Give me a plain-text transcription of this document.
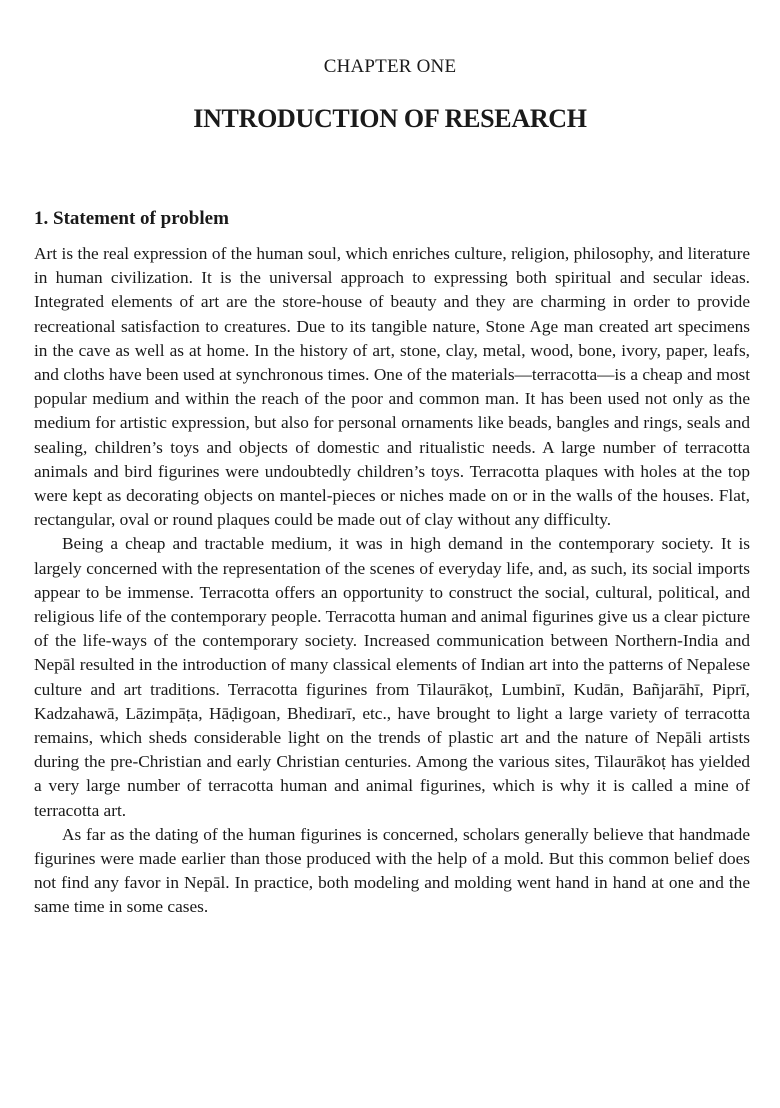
CHAPTER ONE
INTRODUCTION OF RESEARCH
1. Statement of problem

Art is the real expression of the human soul, which enriches culture, religion, philosophy, and literature in human civilization. It is the universal approach to expressing both spiritual and secular ideas. Integrated elements of art are the store-house of beauty and they are charming in order to provide recreational satisfaction to creatures. Due to its tangible nature, Stone Age man created art specimens in the cave as well as at home. In the history of art, stone, clay, metal, wood, bone, ivory, paper, leafs, and cloths have been used at synchronous times. One of the materials—terracotta—is a cheap and most popular medium and within the reach of the poor and common man. It has been used not only as the medium for artistic expression, but also for personal ornaments like beads, bangles and rings, seals and sealing, children’s toys and objects of domestic and ritualistic needs. A large number of terracotta animals and bird figurines were undoubtedly children’s toys. Terracotta plaques with holes at the top were kept as decorating objects on mantel-pieces or niches made on or in the walls of the houses. Flat, rectangular, oval or round plaques could be made out of clay without any difficulty.

Being a cheap and tractable medium, it was in high demand in the contemporary society. It is largely concerned with the representation of the scenes of everyday life, and, as such, its social imports appear to be immense. Terracotta offers an opportunity to construct the social, cultural, political, and religious life of the contemporary people. Terracotta human and animal figurines give us a clear picture of the life-ways of the contemporary society. Increased communication between Northern-India and Nepāl resulted in the introduction of many classical elements of Indian art into the patterns of Nepalese culture and art traditions. Terracotta figurines from Tilaurākoṭ, Lumbinī, Kudān, Bañjarāhī, Piprī, Kadzahawā, Lāzimpāṭa, Hāḍigoan, Bhediᴊarī, etc., have brought to light a large variety of terracotta remains, which sheds considerable light on the trends of plastic art and the nature of Nepāli artists during the pre-Christian and early Christian centuries. Among the various sites, Tilaurākoṭ has yielded a very large number of terracotta human and animal figurines, which is why it is called a mine of terracotta art.

As far as the dating of the human figurines is concerned, scholars generally believe that handmade figurines were made earlier than those produced with the help of a mold. But this common belief does not find any favor in Nepāl. In practice, both modeling and molding went hand in hand at one and the same time in some cases.
